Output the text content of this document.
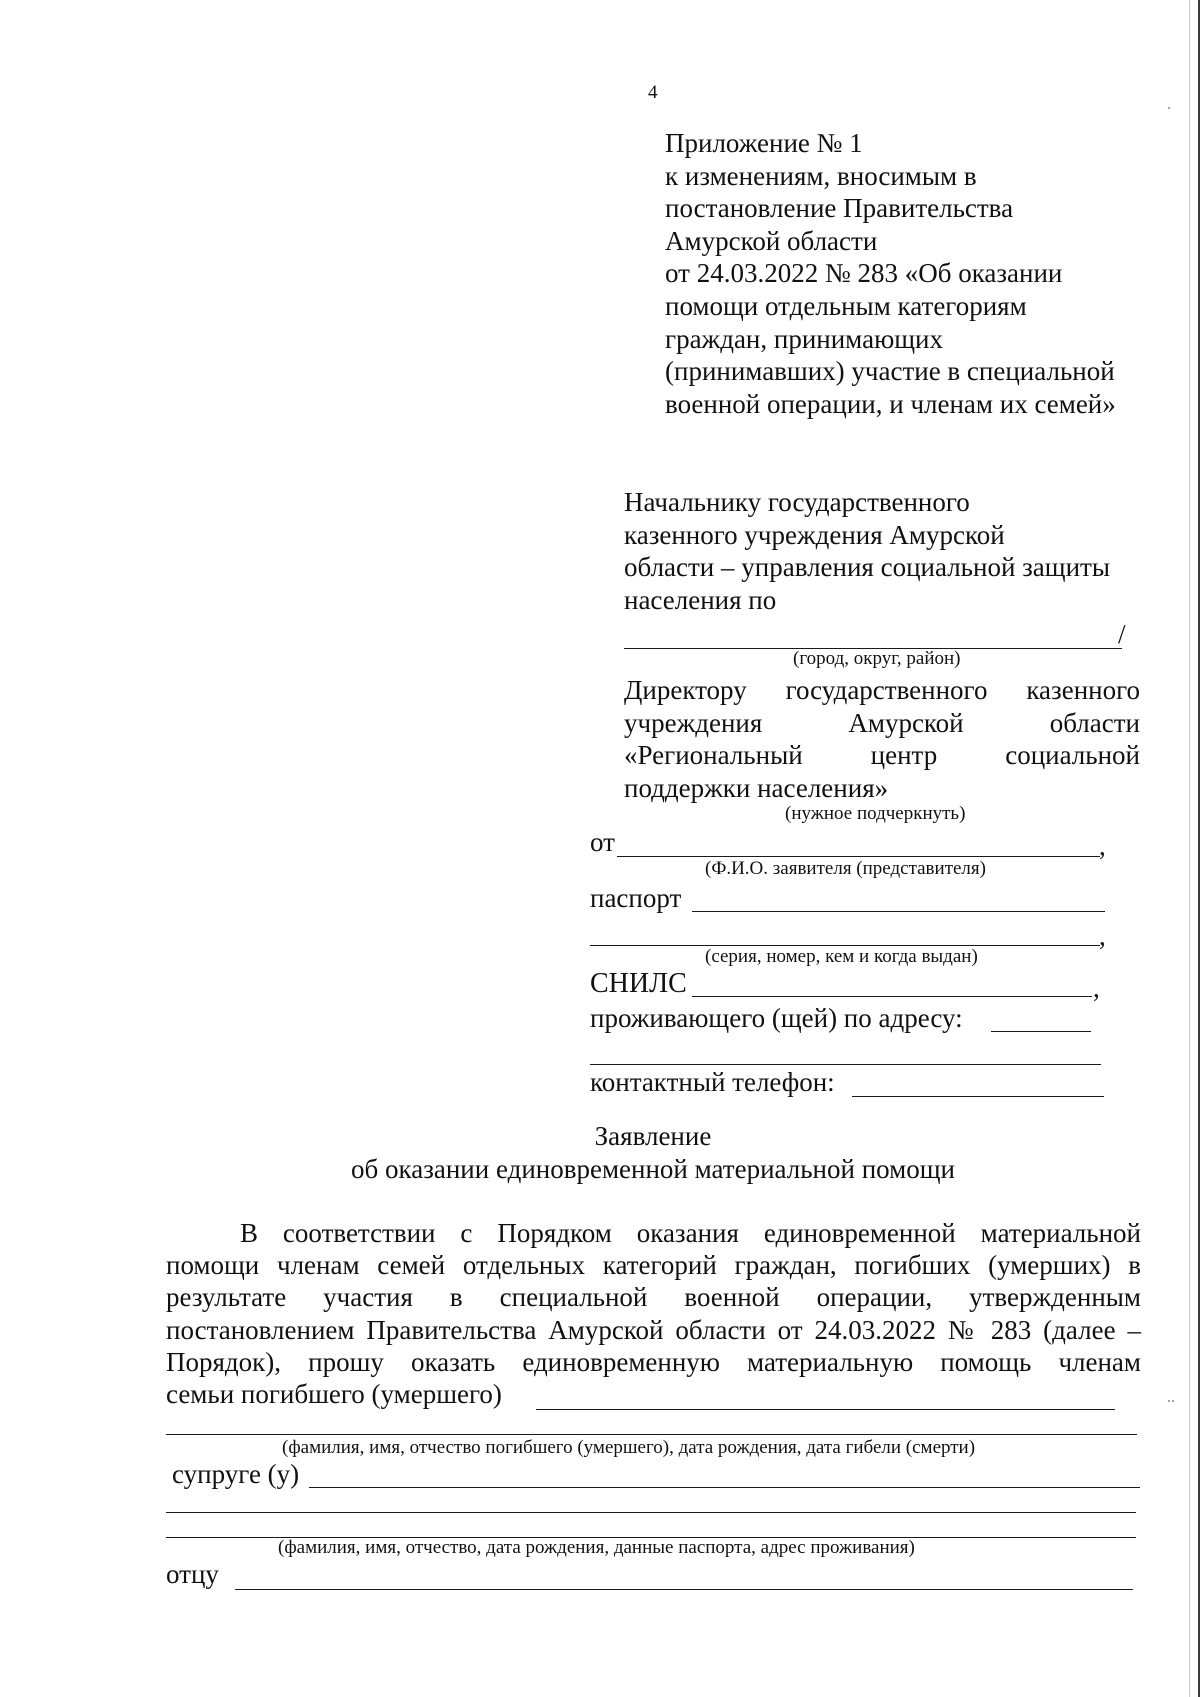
4
Приложение № 1
к изменениям, вносимым в
постановление Правительства
Амурской области
от 24.03.2022 № 283 «Об оказании
помощи отдельным категориям
граждан, принимающих
(принимавших) участие в специальной
военной операции, и членам их семей»
Начальнику государственного
казенного учреждения Амурской
области – управления социальной защиты
населения по
/
(город, округ, район)
Директору государственного казенного
учреждения Амурской области
«Региональный центр социальной
поддержки населения»
(нужное подчеркнуть)
от	,
(Ф.И.О. заявителя (представителя)
паспорт
,
(серия, номер, кем и когда выдан)
СНИЛС	,
проживающего (щей) по адресу:
контактный телефон:
Заявление
об оказании единовременной материальной помощи
В соответствии с Порядком оказания единовременной материальной
помощи членам семей отдельных категорий граждан, погибших (умерших) в
результате участия в специальной военной операции, утвержденным
постановлением Правительства Амурской области от 24.03.2022 № 283 (далее –
Порядок), прошу оказать единовременную материальную помощь членам
семьи погибшего (умершего)
(фамилия, имя, отчество погибшего (умершего), дата рождения, дата гибели (смерти)
супруге (у)
(фамилия, имя, отчество, дата рождения, данные паспорта, адрес проживания)
отцу
